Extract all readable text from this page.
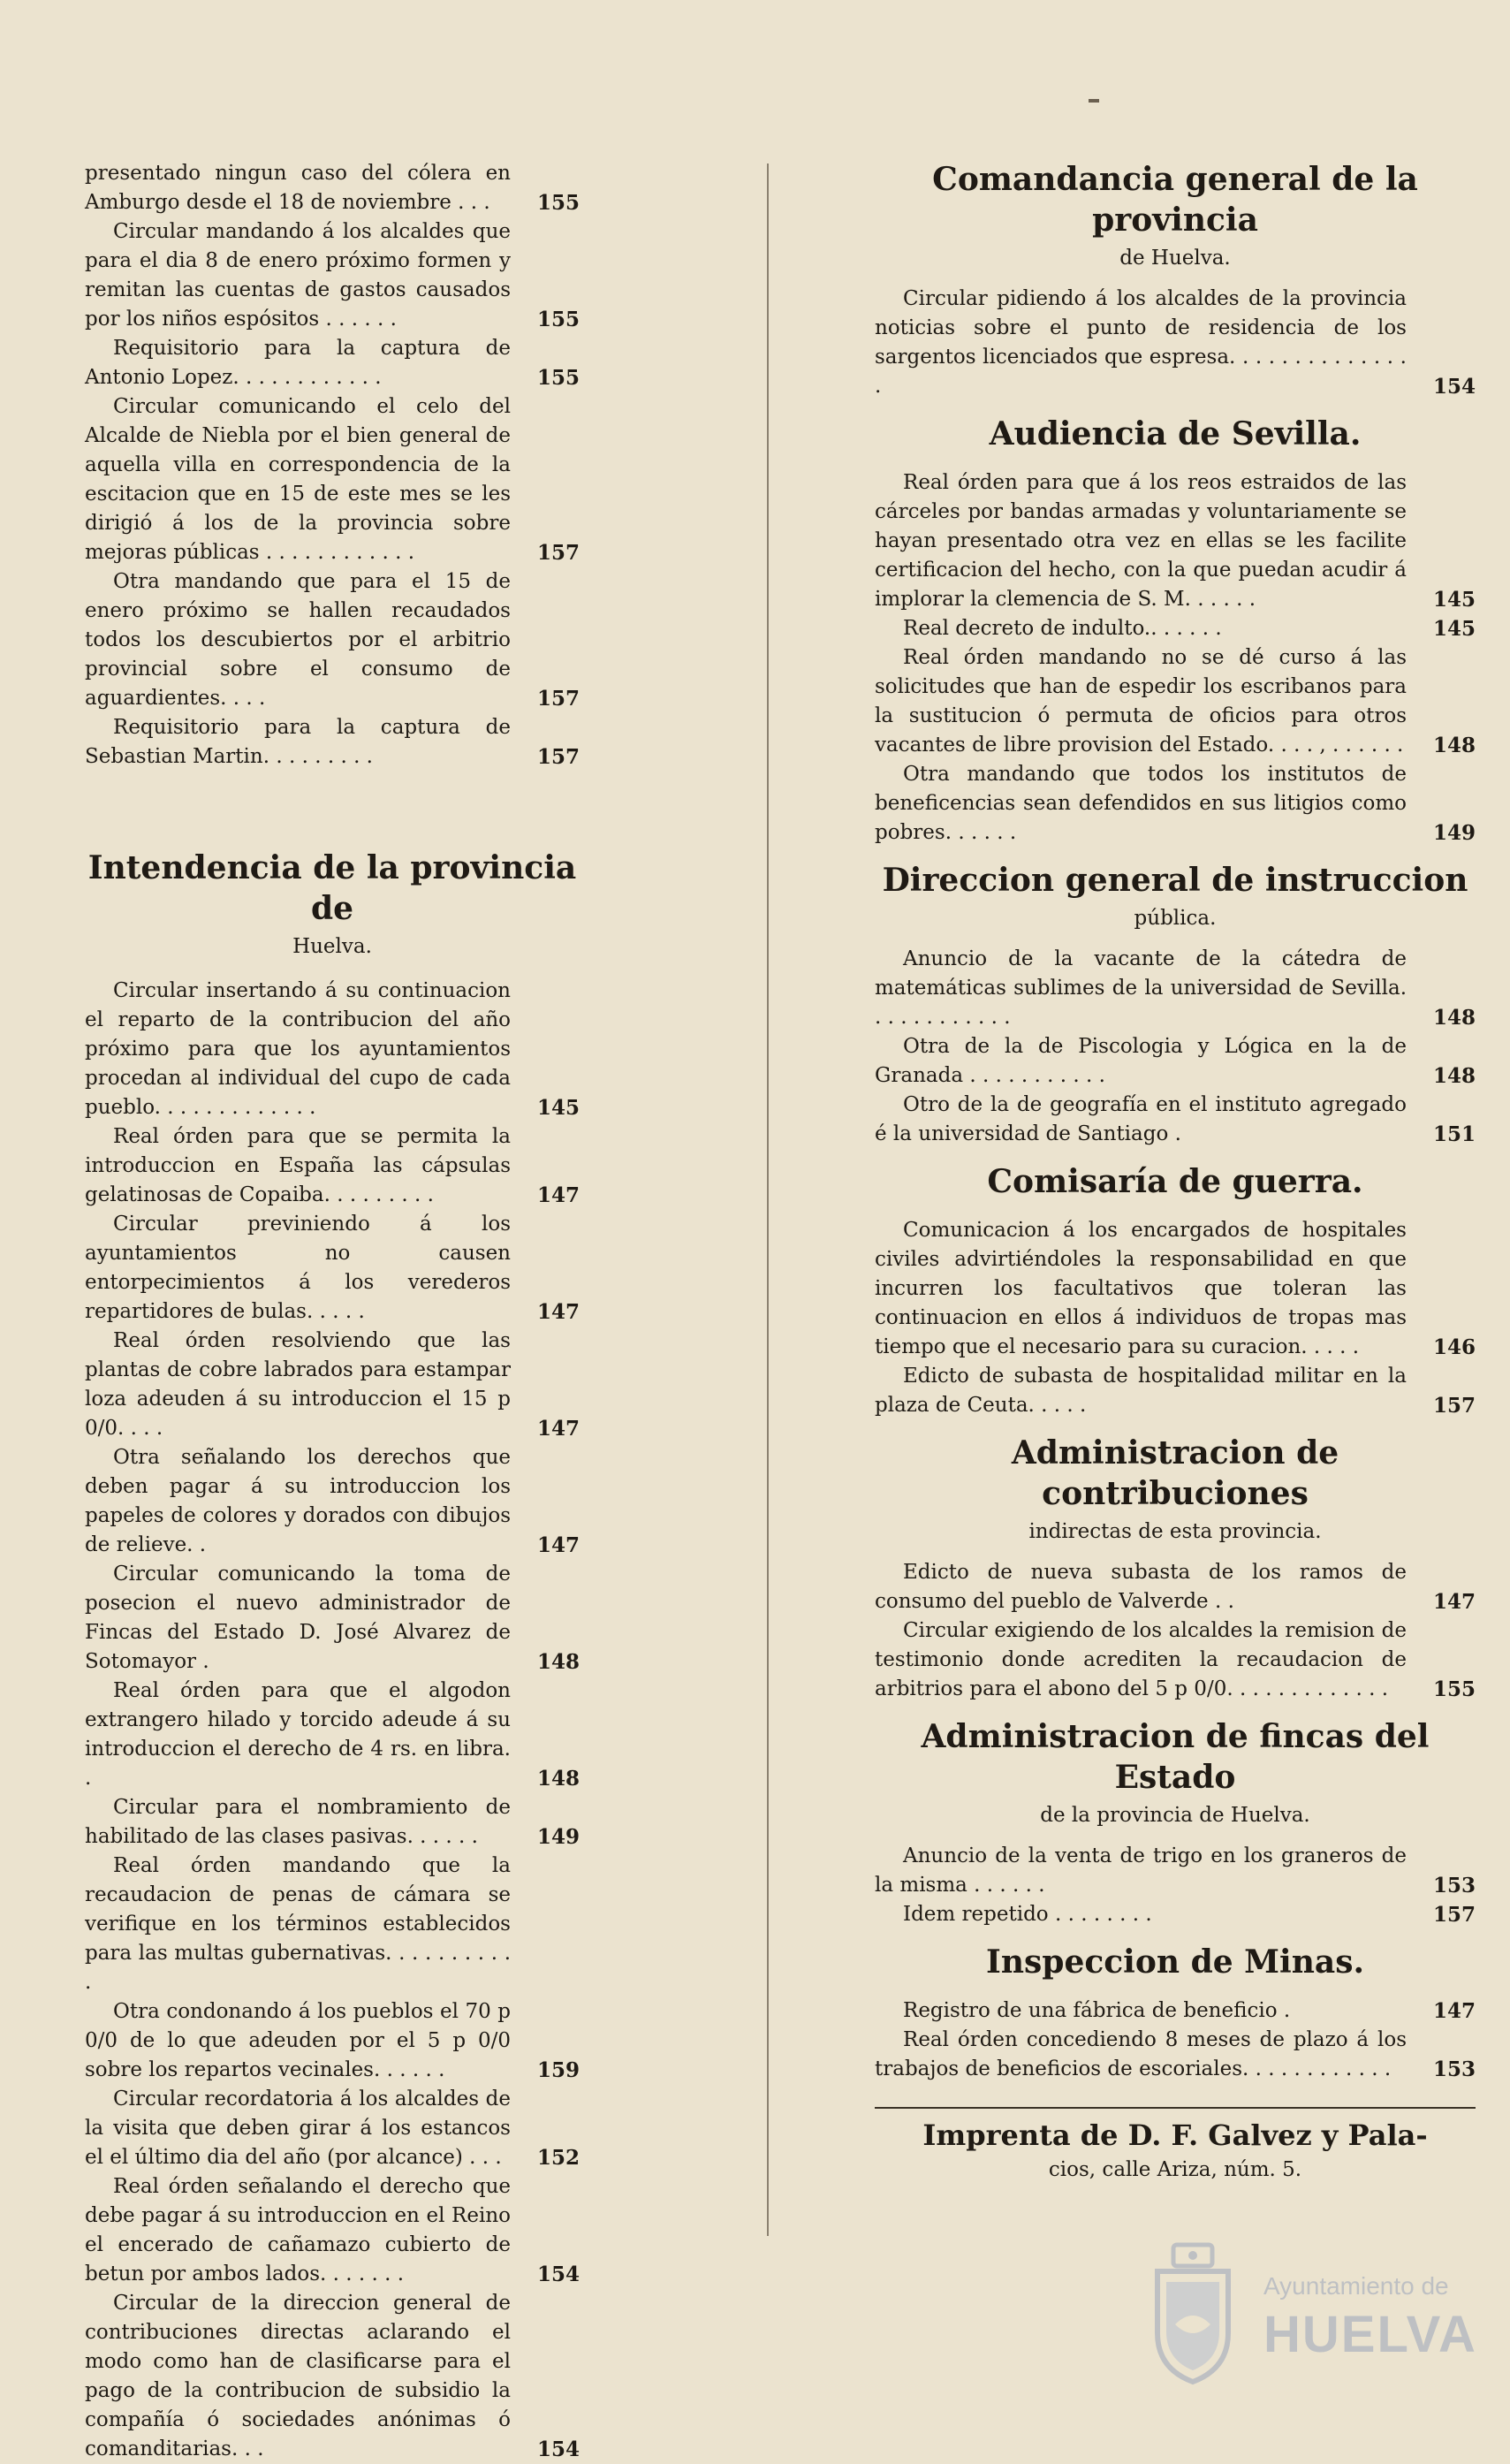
presentado ningun caso del cólera en Amburgo desde el 18 de noviembre . . .	155
Circular mandando á los alcaldes que para el dia 8 de enero próximo formen y remitan las cuentas de gastos causados por los niños espósitos . . . . . .	155
Requisitorio para la captura de Antonio Lopez. . . . . . . . . . . .	155
Circular comunicando el celo del Alcalde de Niebla por el bien general de aquella villa en correspondencia de la escitacion que en 15 de este mes se les dirigió á los de la provincia sobre mejoras públicas . . . . . . . . . . . .	157
Otra mandando que para el 15 de enero próximo se hallen recaudados todos los descubiertos por el arbitrio provincial sobre el consumo de aguardientes. . . .	157
Requisitorio para la captura de Sebastian Martin. . . . . . . . .	157
Intendencia de la provincia de
Huelva.
Circular insertando á su continuacion el reparto de la contribucion del año próximo para que los ayuntamientos procedan al individual del cupo de cada pueblo. . . . . . . . . . . . .	145
Real órden para que se permita la introduccion en España las cápsulas gelatinosas de Copaiba. . . . . . . . .	147
Circular previniendo á los ayuntamientos no causen entorpecimientos á los verederos repartidores de bulas. . . . .	147
Real órden resolviendo que las plantas de cobre labrados para estampar loza adeuden á su introduccion el 15 p 0/0. . . .	147
Otra señalando los derechos que deben pagar á su introduccion los papeles de colores y dorados con dibujos de relieve. .	147
Circular comunicando la toma de posecion el nuevo administrador de Fincas del Estado D. José Alvarez de Sotomayor .	148
Real órden para que el algodon extrangero hilado y torcido adeude á su introduccion el derecho de 4 rs. en libra. .	148
Circular para el nombramiento de habilitado de las clases pasivas. . . . . .	149
Real órden mandando que la recaudacion de penas de cámara se verifique en los términos establecidos para las multas gubernativas. . . . . . . . . . .
Otra condonando á los pueblos el 70 p 0/0 de lo que adeuden por el 5 p 0/0 sobre los repartos vecinales. . . . . .	159
Circular recordatoria á los alcaldes de la visita que deben girar á los estancos el el último dia del año (por alcance) . . .	152
Real órden señalando el derecho que debe pagar á su introduccion en el Reino el encerado de cañamazo cubierto de betun por ambos lados. . . . . . .	154
Circular de la direccion general de contribuciones directas aclarando el modo como han de clasificarse para el pago de la contribucion de subsidio la compañía ó sociedades anónimas ó comanditarias. . .	154
Comandancia general de la provincia
de Huelva.
Circular pidiendo á los alcaldes de la provincia noticias sobre el punto de residencia de los sargentos licenciados que espresa. . . . . . . . . . . . . . .	154
Audiencia de Sevilla.
Real órden para que á los reos estraidos de las cárceles por bandas armadas y voluntariamente se hayan presentado otra vez en ellas se les facilite certificacion del hecho, con la que puedan acudir á implorar la clemencia de S. M. . . . . .	145
Real decreto de indulto.. . . . . .	145
Real órden mandando no se dé curso á las solicitudes que han de espedir los escribanos para la sustitucion ó permuta de oficios para otros vacantes de libre provision del Estado. . . . , . . . . . .	148
Otra mandando que todos los institutos de beneficencias sean defendidos en sus litigios como pobres. . . . . .	149
Direccion general de instruccion
pública.
Anuncio de la vacante de la cátedra de matemáticas sublimes de la universidad de Sevilla. . . . . . . . . . . .	148
Otra de la de Piscologia y Lógica en la de Granada . . . . . . . . . . .	148
Otro de la de geografía en el instituto agregado é la universidad de Santiago .	151
Comisaría de guerra.
Comunicacion á los encargados de hospitales civiles advirtiéndoles la responsabilidad en que incurren los facultativos que toleran las continuacion en ellos á individuos de tropas mas tiempo que el necesario para su curacion. . . . .	146
Edicto de subasta de hospitalidad militar en la plaza de Ceuta. . . . .	157
Administracion de contribuciones
indirectas de esta provincia.
Edicto de nueva subasta de los ramos de consumo del pueblo de Valverde . .	147
Circular exigiendo de los alcaldes la remision de testimonio donde acrediten la recaudacion de arbitrios para el abono del 5 p 0/0. . . . . . . . . . . . .	155
Administracion de fincas del Estado
de la provincia de Huelva.
Anuncio de la venta de trigo en los graneros de la misma . . . . . .	153
Idem repetido . . . . . . . .	157
Inspeccion de Minas.
Registro de una fábrica de beneficio .	147
Real órden concediendo 8 meses de plazo á los trabajos de beneficios de escoriales. . . . . . . . . . . .	153
Imprenta de D. F. Galvez y Pala-
cios, calle Ariza, núm. 5.
Ayuntamiento de
HUELVA
